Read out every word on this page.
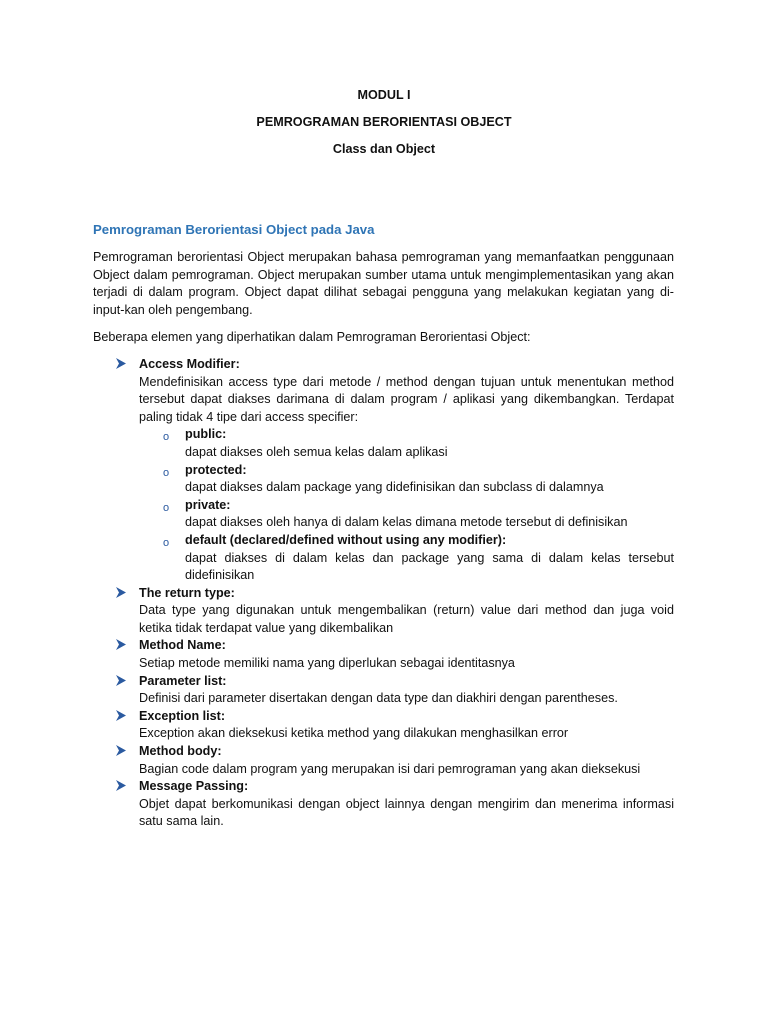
MODUL I
PEMROGRAMAN BERORIENTASI OBJECT
Class dan Object
Pemrograman Berorientasi Object pada Java

Pemrograman berorientasi Object merupakan bahasa pemrograman yang memanfaatkan penggunaan Object dalam pemrograman. Object merupakan sumber utama untuk mengimplementasikan yang akan terjadi di dalam program. Object dapat dilihat sebagai pengguna yang melakukan kegiatan yang di-input-kan oleh pengembang.

Beberapa elemen yang diperhatikan dalam Pemrograman Berorientasi Object:

Access Modifier:
Mendefinisikan access type dari metode / method dengan tujuan untuk menentukan method tersebut dapat diakses darimana di dalam program / aplikasi yang dikembangkan. Terdapat paling tidak 4 tipe dari access specifier:
o	public:
dapat diakses oleh semua kelas dalam aplikasi
o	protected:
dapat diakses dalam package yang didefinisikan dan subclass di dalamnya
o	private:
dapat diakses oleh hanya di dalam kelas dimana metode tersebut di definisikan
o	default (declared/defined without using any modifier):
dapat diakses di dalam kelas dan package yang sama di dalam kelas tersebut didefinisikan
The return type:
Data type yang digunakan untuk mengembalikan (return) value dari method dan juga void ketika tidak terdapat value yang dikembalikan
Method Name:
Setiap metode memiliki nama yang diperlukan sebagai identitasnya
Parameter list:
Definisi dari parameter disertakan dengan data type dan diakhiri dengan parentheses.
Exception list:
Exception akan dieksekusi ketika method yang dilakukan menghasilkan error
Method body:
Bagian code dalam program yang merupakan isi dari pemrograman yang akan dieksekusi
Message Passing:
Objet dapat berkomunikasi dengan object lainnya dengan mengirim dan menerima informasi satu sama lain.
